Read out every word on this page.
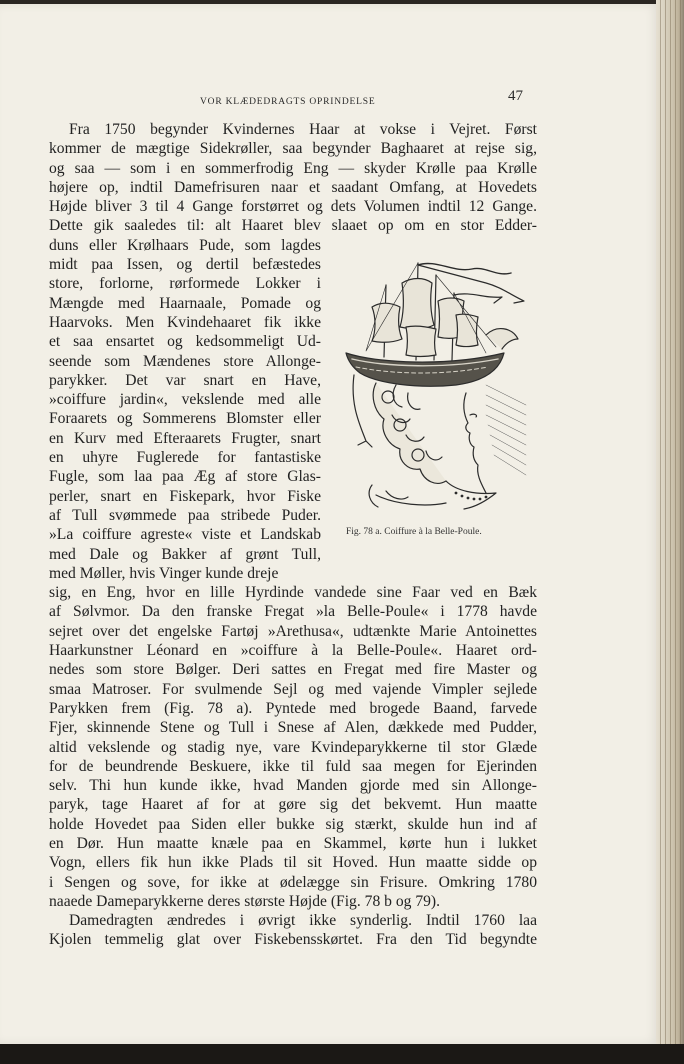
VOR KLÆDEDRAGTS OPRINDELSE	47
Fra 1750 begynder Kvindernes Haar at vokse i Vejret. Først
kommer de mægtige Sidekrøller, saa begynder Baghaaret at rejse sig,
og saa — som i en sommerfrodig Eng — skyder Krølle paa Krølle
højere op, indtil Damefrisuren naar et saadant Omfang, at Hovedets
Højde bliver 3 til 4 Gange forstørret og dets Volumen indtil 12 Gange.
Dette gik saaledes til: alt Haaret blev slaaet op om en stor Edder-
duns eller Krølhaars Pude, som lagdes
midt paa Issen, og dertil befæstedes
store, forlorne, rørformede Lokker i
Mængde med Haarnaale, Pomade og
Haarvoks. Men Kvindehaaret fik ikke
et saa ensartet og kedsommeligt Ud-
seende som Mændenes store Allonge-
parykker. Det var snart en Have,
»coiffure jardin«, vekslende med alle
Foraarets og Sommerens Blomster eller
en Kurv med Efteraarets Frugter, snart
en uhyre Fuglerede for fantastiske
Fugle, som laa paa Æg af store Glas-
perler, snart en Fiskepark, hvor Fiske
af Tull svømmede paa stribede Puder.
»La coiffure agreste« viste et Landskab
med Dale og Bakker af grønt Tull,
med Møller, hvis Vinger kunde dreje
sig, en Eng, hvor en lille Hyrdinde vandede sine Faar ved en Bæk
af Sølvmor. Da den franske Fregat »la Belle-Poule« i 1778 havde
sejret over det engelske Fartøj »Arethusa«, udtænkte Marie Antoinettes
Haarkunstner Léonard en »coiffure à la Belle-Poule«. Haaret ord-
nedes som store Bølger. Deri sattes en Fregat med fire Master og
smaa Matroser. For svulmende Sejl og med vajende Vimpler sejlede
Parykken frem (Fig. 78 a). Pyntede med brogede Baand, farvede
Fjer, skinnende Stene og Tull i Snese af Alen, dækkede med Pudder,
altid vekslende og stadig nye, vare Kvindeparykkerne til stor Glæde
for de beundrende Beskuere, ikke til fuld saa megen for Ejerinden
selv. Thi hun kunde ikke, hvad Manden gjorde med sin Allonge-
paryk, tage Haaret af for at gøre sig det bekvemt. Hun maatte
holde Hovedet paa Siden eller bukke sig stærkt, skulde hun ind af
en Dør. Hun maatte knæle paa en Skammel, kørte hun i lukket
Vogn, ellers fik hun ikke Plads til sit Hoved. Hun maatte sidde op
i Sengen og sove, for ikke at ødelægge sin Frisure. Omkring 1780
naaede Dameparykkerne deres største Højde (Fig. 78 b og 79).
Damedragten ændredes i øvrigt ikke synderlig. Indtil 1760 laa
Kjolen temmelig glat over Fiskebensskørtet. Fra den Tid begyndte
Fig. 78 a. Coiffure à la Belle-Poule.
